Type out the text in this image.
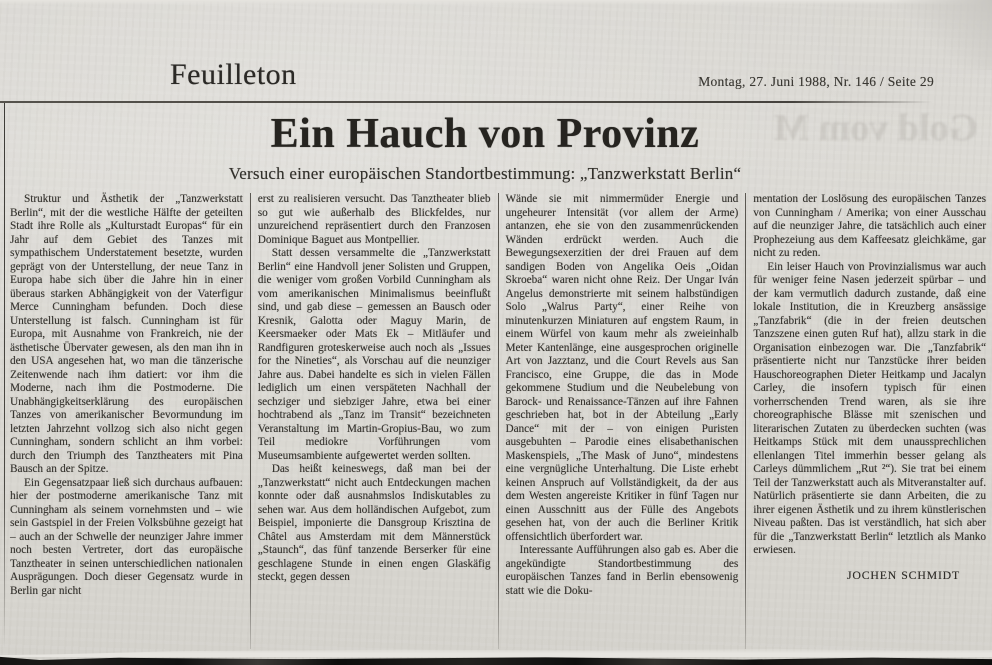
Gold vom M
Feuilleton	Montag, 27. Juni 1988, Nr. 146 / Seite 29
Ein Hauch von Provinz
Versuch einer europäischen Standortbestimmung: „Tanzwerkstatt Berlin“

Struktur und Ästhetik der „Tanzwerkstatt Berlin“, mit der die westliche Hälfte der geteilten Stadt ihre Rolle als „Kulturstadt Europas“ für ein Jahr auf dem Gebiet des Tanzes mit sympathischem Understatement besetzte, wurden geprägt von der Unterstellung, der neue Tanz in Europa habe sich über die Jahre hin in einer überaus starken Abhängigkeit von der Vaterfigur Merce Cunningham befunden. Doch diese Unterstellung ist falsch. Cunningham ist für Europa, mit Ausnahme von Frankreich, nie der ästhetische Übervater gewesen, als den man ihn in den USA angesehen hat, wo man die tänzerische Zeitenwende nach ihm datiert: vor ihm die Moderne, nach ihm die Postmoderne. Die Unabhängigkeitserklärung des europäischen Tanzes von amerikanischer Bevormundung im letzten Jahrzehnt vollzog sich also nicht gegen Cunningham, sondern schlicht an ihm vorbei: durch den Triumph des Tanztheaters mit Pina Bausch an der Spitze.

Ein Gegensatzpaar ließ sich durchaus aufbauen: hier der postmoderne amerikanische Tanz mit Cunningham als seinem vornehmsten und – wie sein Gastspiel in der Freien Volksbühne gezeigt hat – auch an der Schwelle der neunziger Jahre immer noch besten Vertreter, dort das europäische Tanztheater in seinen unterschiedlichen nationalen Ausprägungen. Doch dieser Gegensatz wurde in Berlin gar nicht

erst zu realisieren versucht. Das Tanztheater blieb so gut wie außerhalb des Blickfeldes, nur unzureichend repräsentiert durch den Franzosen Dominique Baguet aus Montpellier.

Statt dessen versammelte die „Tanzwerkstatt Berlin“ eine Handvoll jener Solisten und Gruppen, die weniger vom großen Vorbild Cunningham als vom amerikanischen Minimalismus beeinflußt sind, und gab diese – gemessen an Bausch oder Kresnik, Galotta oder Maguy Marin, de Keersmaeker oder Mats Ek – Mitläufer und Randfiguren groteskerweise auch noch als „Issues for the Nineties“, als Vorschau auf die neunziger Jahre aus. Dabei handelte es sich in vielen Fällen lediglich um einen verspäteten Nachhall der sechziger und siebziger Jahre, etwa bei einer hochtrabend als „Tanz im Transit“ bezeichneten Veranstaltung im Martin-Gropius-Bau, wo zum Teil mediokre Vorführungen vom Museumsambiente aufgewertet werden sollten.

Das heißt keineswegs, daß man bei der „Tanzwerkstatt“ nicht auch Entdeckungen machen konnte oder daß ausnahmslos Indiskutables zu sehen war. Aus dem holländischen Aufgebot, zum Beispiel, imponierte die Dansgroup Krisztina de Châtel aus Amsterdam mit dem Männerstück „Staunch“, das fünf tanzende Berserker für eine geschlagene Stunde in einen engen Glaskäfig steckt, gegen dessen

Wände sie mit nimmermüder Energie und ungeheurer Intensität (vor allem der Arme) antanzen, ehe sie von den zusammenrückenden Wänden erdrückt werden. Auch die Bewegungsexerzitien der drei Frauen auf dem sandigen Boden von Angelika Oeis „Oidan Skroeba“ waren nicht ohne Reiz. Der Ungar Iván Angelus demonstrierte mit seinem halbstündigen Solo „Walrus Party“, einer Reihe von minutenkurzen Miniaturen auf engstem Raum, in einem Würfel von kaum mehr als zweieinhalb Meter Kantenlänge, eine ausgesprochen originelle Art von Jazztanz, und die Court Revels aus San Francisco, eine Gruppe, die das in Mode gekommene Studium und die Neubelebung von Barock- und Renaissance-Tänzen auf ihre Fahnen geschrieben hat, bot in der Abteilung „Early Dance“ mit der – von einigen Puristen ausgebuhten – Parodie eines elisabethanischen Maskenspiels, „The Mask of Juno“, mindestens eine vergnügliche Unterhaltung. Die Liste erhebt keinen Anspruch auf Vollständigkeit, da der aus dem Westen angereiste Kritiker in fünf Tagen nur einen Ausschnitt aus der Fülle des Angebots gesehen hat, von der auch die Berliner Kritik offensichtlich überfordert war.

Interessante Aufführungen also gab es. Aber die angekündigte Standortbestimmung des europäischen Tanzes fand in Berlin ebensowenig statt wie die Doku-

mentation der Loslösung des europäischen Tanzes von Cunningham / Amerika; von einer Ausschau auf die neunziger Jahre, die tatsächlich auch einer Prophezeiung aus dem Kaffeesatz gleichkäme, gar nicht zu reden.

Ein leiser Hauch von Provinzialismus war auch für weniger feine Nasen jederzeit spürbar – und der kam vermutlich dadurch zustande, daß eine lokale Institution, die in Kreuzberg ansässige „Tanzfabrik“ (die in der freien deutschen Tanzszene einen guten Ruf hat), allzu stark in die Organisation einbezogen war. Die „Tanzfabrik“ präsentierte nicht nur Tanzstücke ihrer beiden Hauschoreographen Dieter Heitkamp und Jacalyn Carley, die insofern typisch für einen vorherrschenden Trend waren, als sie ihre choreographische Blässe mit szenischen und literarischen Zutaten zu überdecken suchten (was Heitkamps Stück mit dem unaussprechlichen ellenlangen Titel immerhin besser gelang als Carleys dümmlichem „Rut ²“). Sie trat bei einem Teil der Tanzwerkstatt auch als Mitveranstalter auf. Natürlich präsentierte sie dann Arbeiten, die zu ihrer eigenen Ästhetik und zu ihrem künstlerischen Niveau paßten. Das ist verständlich, hat sich aber für die „Tanzwerkstatt Berlin“ letztlich als Manko erwiesen.

JOCHEN SCHMIDT
